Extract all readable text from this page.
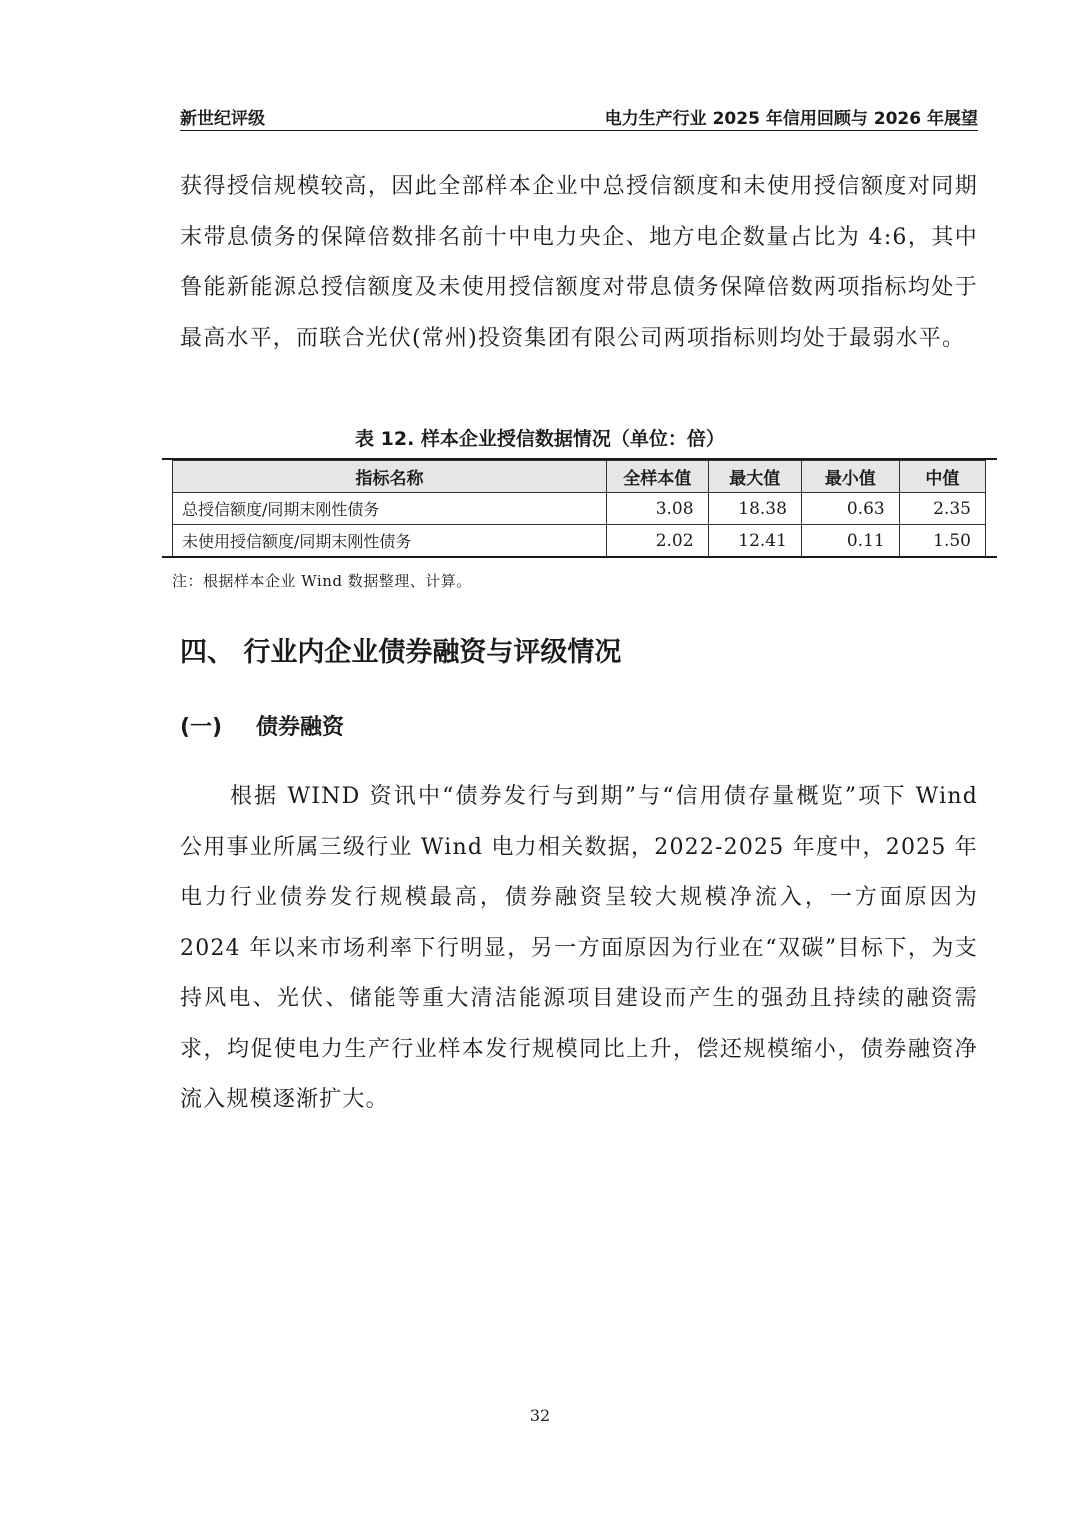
新世纪评级	电力生产行业 2025 年信用回顾与 2026 年展望

获得授信规模较高，因此全部样本企业中总授信额度和未使用授信额度对同期末带息债务的保障倍数排名前十中电力央企、地方电企数量占比为 4:6，其中鲁能新能源总授信额度及未使用授信额度对带息债务保障倍数两项指标均处于最高水平，而联合光伏(常州)投资集团有限公司两项指标则均处于最弱水平。

表 12. 样本企业授信数据情况（单位：倍）
指标名称	全样本值	最大值	最小值	中值
总授信额度/同期末刚性债务	3.08	18.38	0.63	2.35
未使用授信额度/同期末刚性债务	2.02	12.41	0.11	1.50
注：根据样本企业 Wind 数据整理、计算。
四、 行业内企业债券融资与评级情况
(一) 债券融资

根据 WIND 资讯中“债券发行与到期”与“信用债存量概览”项下 Wind 公用事业所属三级行业 Wind 电力相关数据，2022-2025 年度中，2025 年电力行业债券发行规模最高，债券融资呈较大规模净流入，一方面原因为 2024 年以来市场利率下行明显，另一方面原因为行业在“双碳”目标下，为支持风电、光伏、储能等重大清洁能源项目建设而产生的强劲且持续的融资需求，均促使电力生产行业样本发行规模同比上升，偿还规模缩小，债券融资净流入规模逐渐扩大。

32
